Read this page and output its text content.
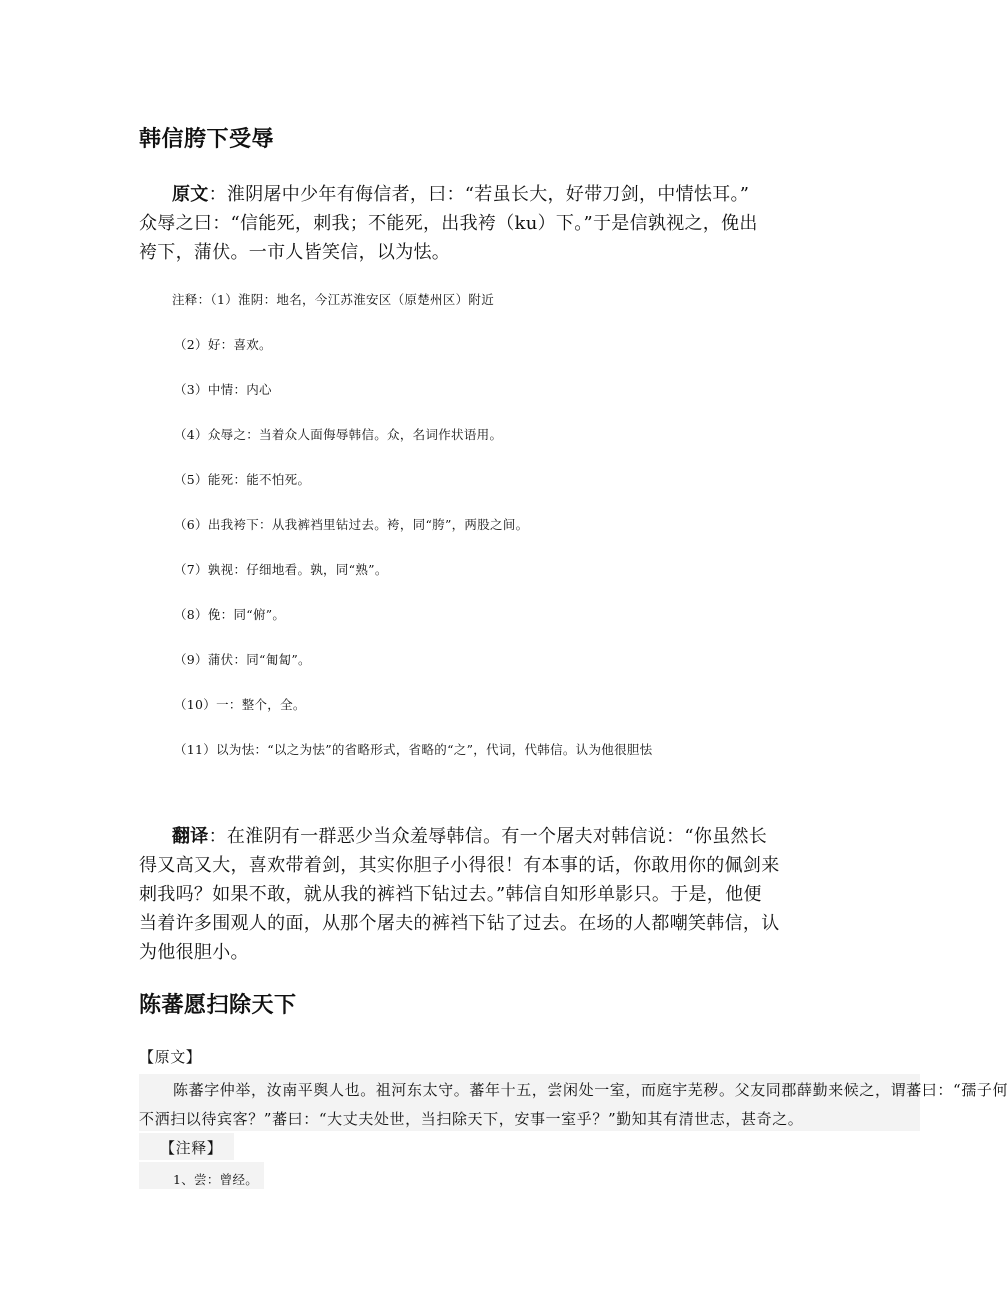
韩信胯下受辱
原文：淮阴屠中少年有侮信者，曰：“若虽长大，好带刀剑，中情怯耳。”
众辱之曰：“信能死，刺我；不能死，出我袴（ku）下。”于是信孰视之，俛出
袴下，蒲伏。一市人皆笑信，以为怯。
注释：（1）淮阴：地名，今江苏淮安区（原楚州区）附近
（2）好：喜欢。
（3）中情：内心
（4）众辱之：当着众人面侮辱韩信。众，名词作状语用。
（5）能死：能不怕死。
（6）出我袴下：从我裤裆里钻过去。袴，同“胯”，两股之间。
（7）孰视：仔细地看。孰，同“熟”。
（8）俛：同“俯”。
（9）蒲伏：同“匍匐”。
（10）一：整个，全。
（11）以为怯：“以之为怯”的省略形式，省略的“之”，代词，代韩信。认为他很胆怯
翻译：在淮阴有一群恶少当众羞辱韩信。有一个屠夫对韩信说：“你虽然长
得又高又大，喜欢带着剑，其实你胆子小得很！有本事的话，你敢用你的佩剑来
刺我吗？如果不敢，就从我的裤裆下钻过去。”韩信自知形单影只。于是，他便
当着许多围观人的面，从那个屠夫的裤裆下钻了过去。在场的人都嘲笑韩信，认
为他很胆小。
陈蕃愿扫除天下
【原文】
陈蕃字仲举，汝南平舆人也。祖河东太守。蕃年十五，尝闲处一室，而庭宇芜秽。父友同郡薛勤来候之，谓蕃曰：“孺子何
不洒扫以待宾客？”蕃曰：“大丈夫处世，当扫除天下，安事一室乎？”勤知其有清世志，甚奇之。
【注释】
1、尝：曾经。
